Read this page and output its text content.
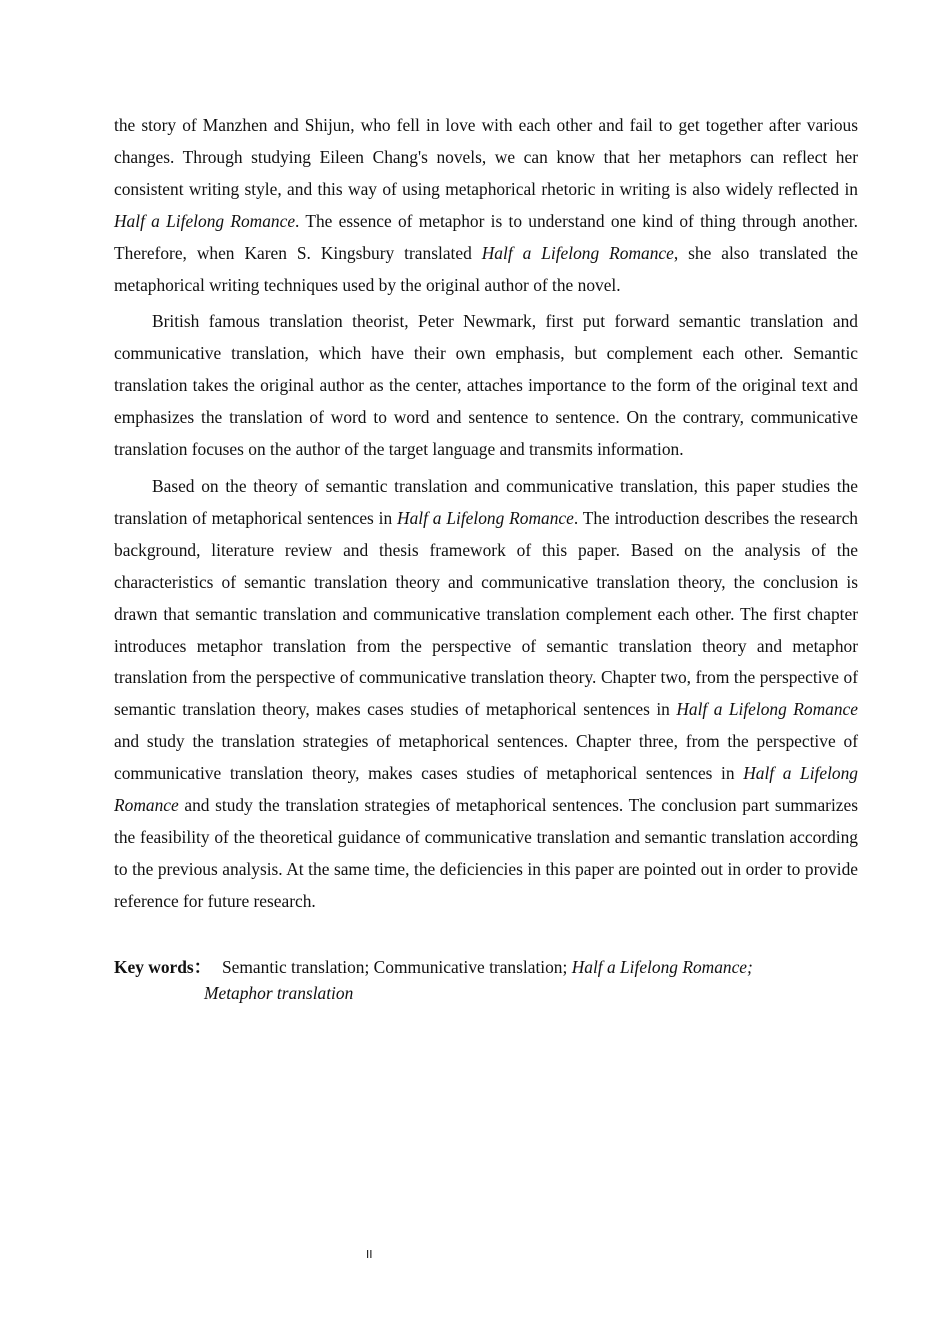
the story of Manzhen and Shijun, who fell in love with each other and fail to get together after various changes. Through studying Eileen Chang's novels, we can know that her metaphors can reflect her consistent writing style, and this way of using metaphorical rhetoric in writing is also widely reflected in Half a Lifelong Romance. The essence of metaphor is to understand one kind of thing through another. Therefore, when Karen S. Kingsbury translated Half a Lifelong Romance, she also translated the metaphorical writing techniques used by the original author of the novel.

British famous translation theorist, Peter Newmark, first put forward semantic translation and communicative translation, which have their own emphasis, but complement each other. Semantic translation takes the original author as the center, attaches importance to the form of the original text and emphasizes the translation of word to word and sentence to sentence. On the contrary, communicative translation focuses on the author of the target language and transmits information.

Based on the theory of semantic translation and communicative translation, this paper studies the translation of metaphorical sentences in Half a Lifelong Romance. The introduction describes the research background, literature review and thesis framework of this paper. Based on the analysis of the characteristics of semantic translation theory and communicative translation theory, the conclusion is drawn that semantic translation and communicative translation complement each other. The first chapter introduces metaphor translation from the perspective of semantic translation theory and metaphor translation from the perspective of communicative translation theory. Chapter two, from the perspective of semantic translation theory, makes cases studies of metaphorical sentences in Half a Lifelong Romance and study the translation strategies of metaphorical sentences. Chapter three, from the perspective of communicative translation theory, makes cases studies of metaphorical sentences in Half a Lifelong Romance and study the translation strategies of metaphorical sentences. The conclusion part summarizes the feasibility of the theoretical guidance of communicative translation and semantic translation according to the previous analysis. At the same time, the deficiencies in this paper are pointed out in order to provide reference for future research.

Key words： Semantic translation; Communicative translation; Half a Lifelong Romance;
Metaphor translation
II
